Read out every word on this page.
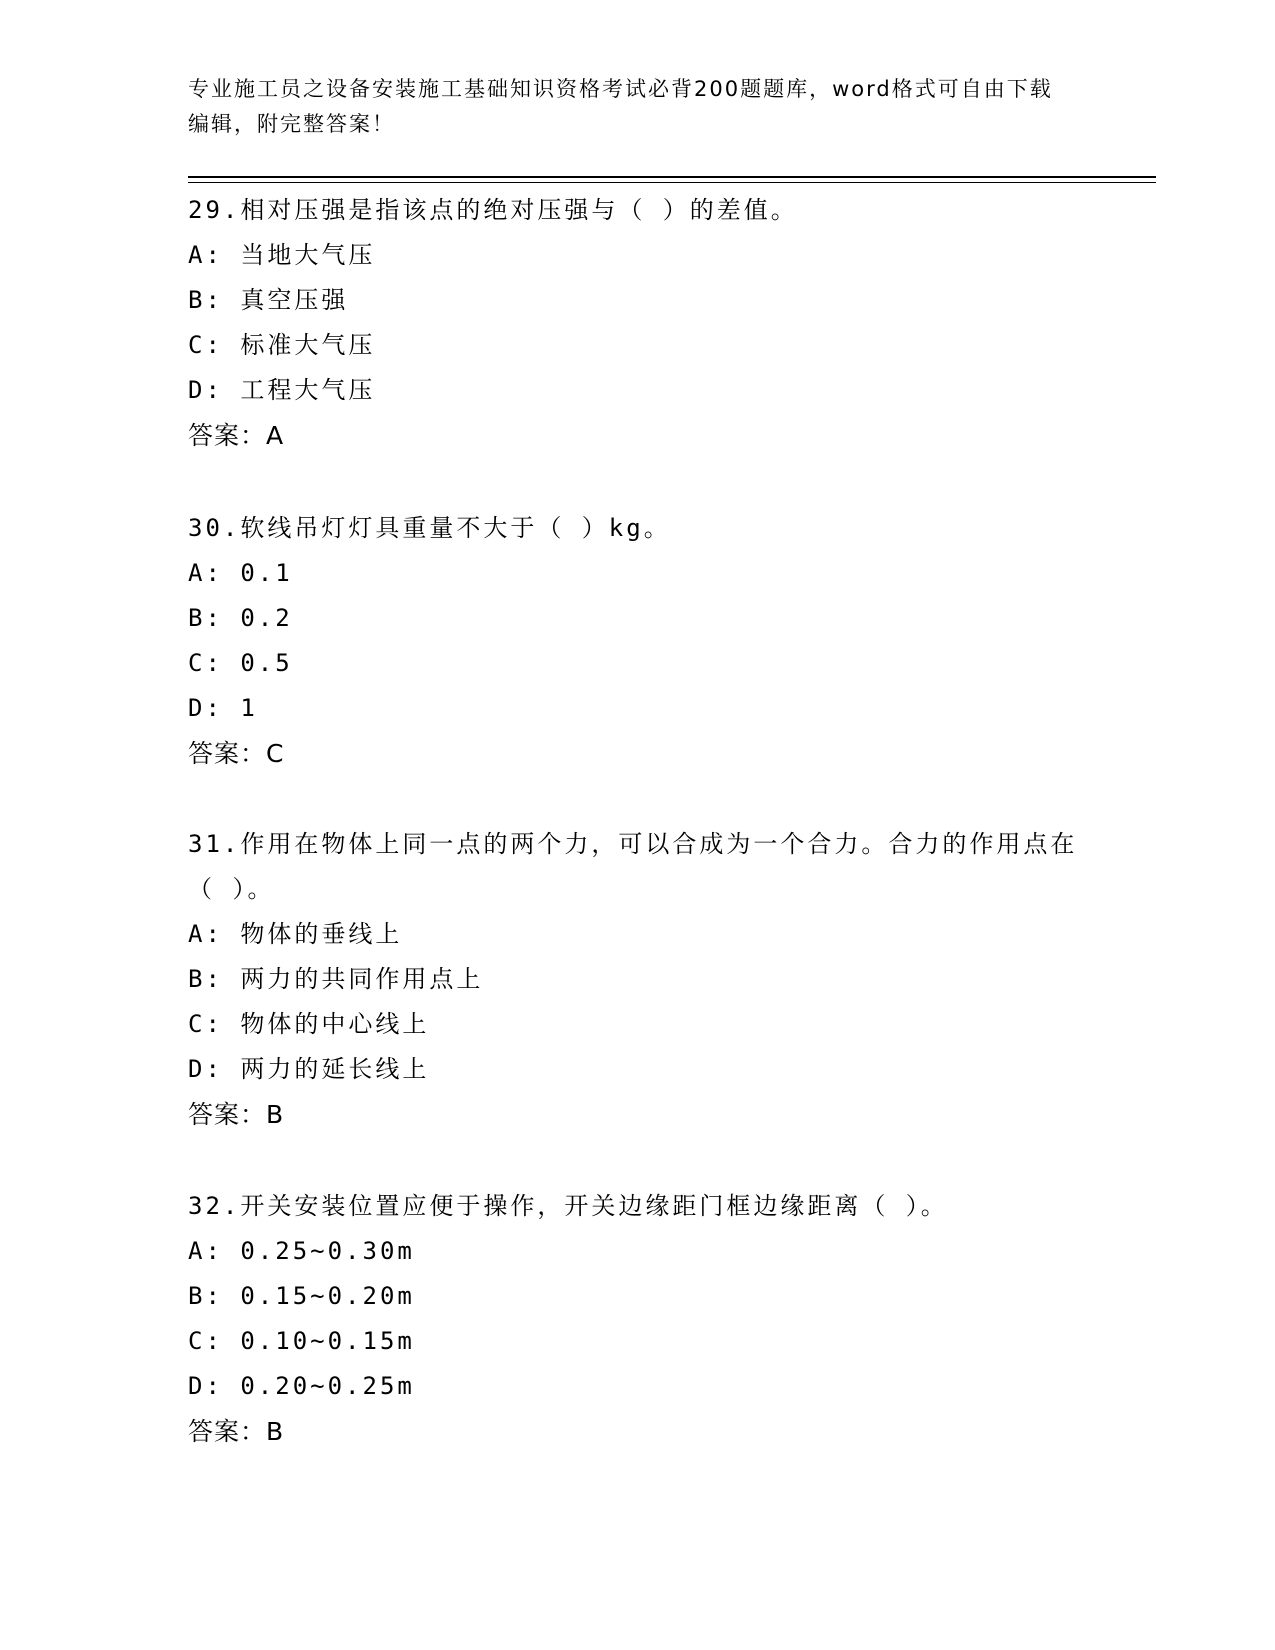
专业施工员之设备安装施工基础知识资格考试必背200题题库，word格式可自由下载编辑，附完整答案！
29.相对压强是指该点的绝对压强与（ ）的差值。
A: 当地大气压
B: 真空压强
C: 标准大气压
D: 工程大气压
答案：A
30.软线吊灯灯具重量不大于（ ）kg。
A: 0.1
B: 0.2
C: 0.5
D: 1
答案：C
31.作用在物体上同一点的两个力，可以合成为一个合力。合力的作用点在（ ）。
A: 物体的垂线上
B: 两力的共同作用点上
C: 物体的中心线上
D: 两力的延长线上
答案：B
32.开关安装位置应便于操作，开关边缘距门框边缘距离（ ）。
A: 0.25~0.30m
B: 0.15~0.20m
C: 0.10~0.15m
D: 0.20~0.25m
答案：B
